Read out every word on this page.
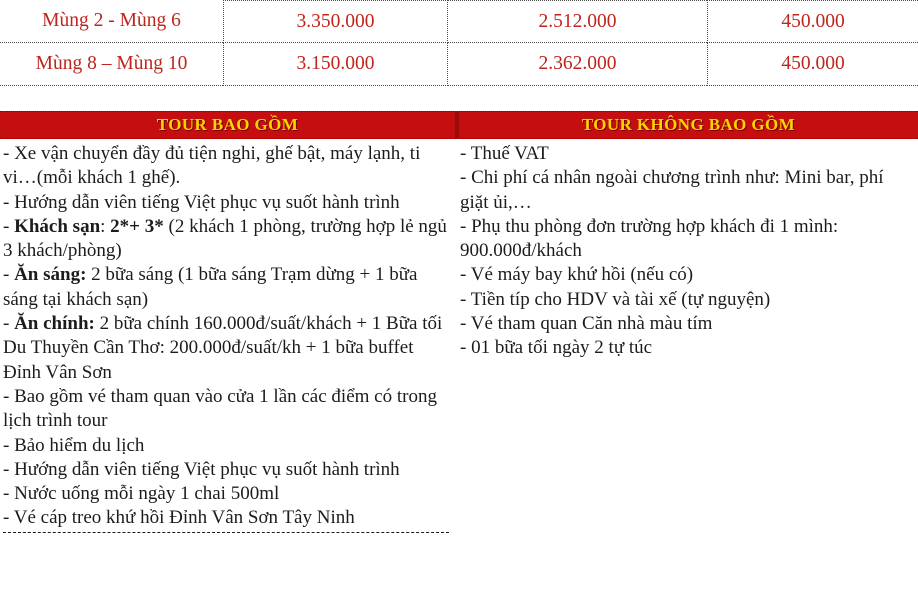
Mùng 2 - Mùng 6	3.350.000	2.512.000	450.000
Mùng 8 – Mùng 10	3.150.000	2.362.000	450.000
TOUR BAO GỒM	TOUR KHÔNG BAO GỒM

- Xe vận chuyển đầy đủ tiện nghi, ghế bật, máy lạnh, ti vi…(mỗi khách 1 ghế).

- Hướng dẫn viên tiếng Việt phục vụ suốt hành trình

- Khách sạn: 2*+ 3* (2 khách 1 phòng, trường hợp lẻ ngủ 3 khách/phòng)

- Ăn sáng: 2 bữa sáng (1 bữa sáng Trạm dừng + 1 bữa sáng tại khách sạn)

- Ăn chính: 2 bữa chính 160.000đ/suất/khách + 1 Bữa tối Du Thuyền Cần Thơ: 200.000đ/suất/kh + 1 bữa buffet Đỉnh Vân Sơn

- Bao gồm vé tham quan vào cửa 1 lần các điểm có trong lịch trình tour

- Bảo hiểm du lịch

- Hướng dẫn viên tiếng Việt phục vụ suốt hành trình

- Nước uống mỗi ngày 1 chai 500ml

- Vé cáp treo khứ hồi Đỉnh Vân Sơn Tây Ninh

- Thuế VAT

- Chi phí cá nhân ngoài chương trình như: Mini bar, phí giặt ủi,…

- Phụ thu phòng đơn trường hợp khách đi 1 mình: 900.000đ/khách

- Vé máy bay khứ hồi (nếu có)

- Tiền típ cho HDV và tài xế (tự nguyện)

- Vé tham quan Căn nhà màu tím

- 01 bữa tối ngày 2 tự túc
